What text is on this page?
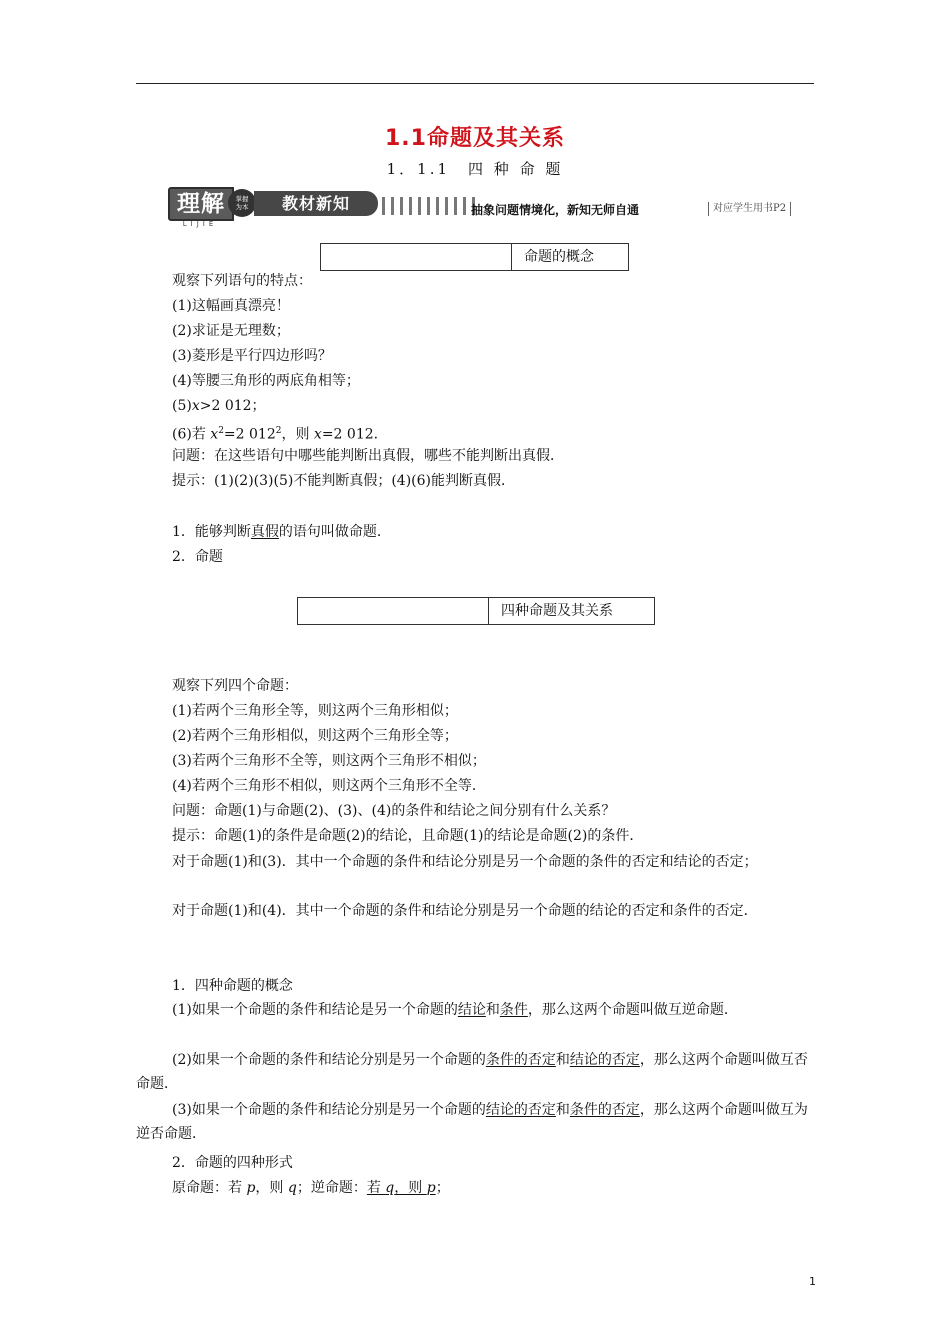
1.1命题及其关系
1．1.1　四 种 命 题
理解
LIJIE
掌握
为本	教材新知	抽象问题情境化，新知无师自通	对应学生用书P2
命题的概念
观察下列语句的特点：
(1)这幅画真漂亮！
(2)求证是无理数；
(3)菱形是平行四边形吗？
(4)等腰三角形的两底角相等；
(5)x>2 012；
(6)若 $x^2=2$ $012^2$，则 x=2 012.
问题：在这些语句中哪些能判断出真假，哪些不能判断出真假．
提示：(1)(2)(3)(5)不能判断真假；(4)(6)能判断真假．
1．能够判断真假的语句叫做命题．
2．命题
四种命题及其关系
观察下列四个命题：
(1)若两个三角形全等，则这两个三角形相似；
(2)若两个三角形相似，则这两个三角形全等；
(3)若两个三角形不全等，则这两个三角形不相似；
(4)若两个三角形不相似，则这两个三角形不全等．
问题：命题(1)与命题(2)、(3)、(4)的条件和结论之间分别有什么关系？
提示：命题(1)的条件是命题(2)的结论，且命题(1)的结论是命题(2)的条件．
对于命题(1)和(3)．其中一个命题的条件和结论分别是另一个命题的条件的否定和结论的否定；
对于命题(1)和(4)．其中一个命题的条件和结论分别是另一个命题的结论的否定和条件的否定．
1．四种命题的概念
(1)如果一个命题的条件和结论是另一个命题的结论和条件，那么这两个命题叫做互逆命题．
(2)如果一个命题的条件和结论分别是另一个命题的条件的否定和结论的否定，那么这两个命题叫做互否命题．
(3)如果一个命题的条件和结论分别是另一个命题的结论的否定和条件的否定，那么这两个命题叫做互为逆否命题．
2．命题的四种形式
原命题：若 p，则 q；逆命题：若 q，则 p；
1
